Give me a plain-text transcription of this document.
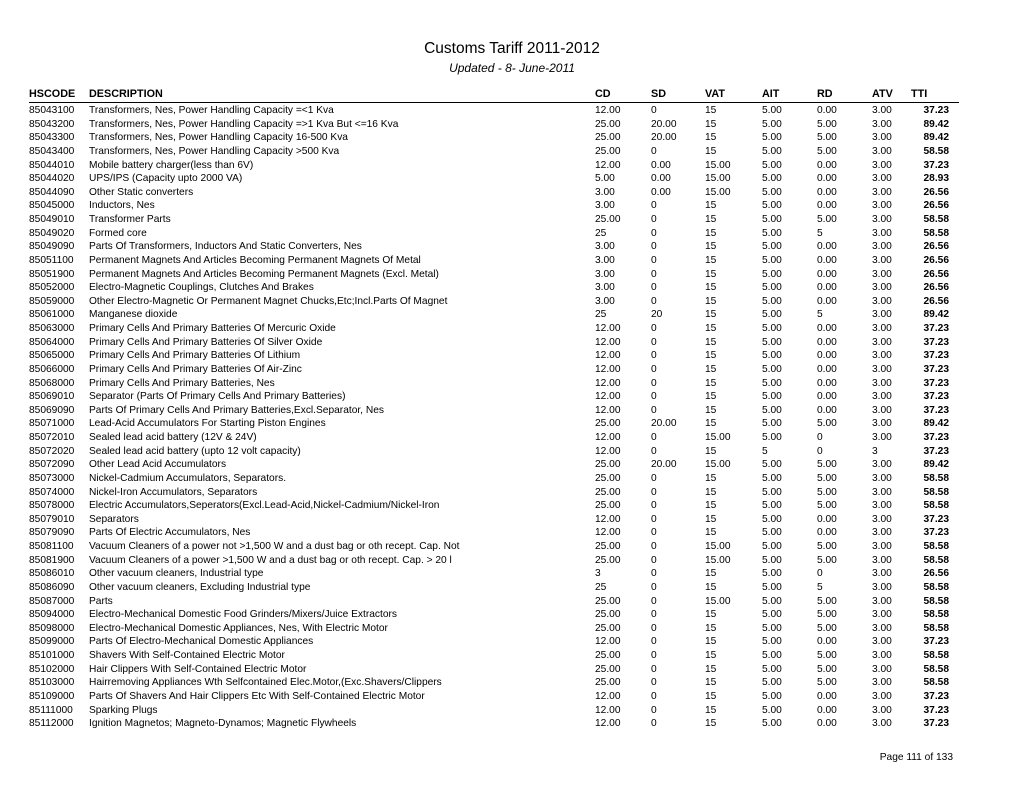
Customs Tariff 2011-2012
Updated - 8- June-2011
HSCODE DESCRIPTION	CD	SD	VAT	AIT	RD	ATV TTI
85043100 Transformers, Nes, Power Handling Capacity =<1 Kva	12.00	0	15	5.00	0.00	3.00	37.23
85043200 Transformers, Nes, Power Handling Capacity =>1 Kva But <=16 Kva	25.00	20.00	15	5.00	5.00	3.00	89.42
85043300 Transformers, Nes, Power Handling Capacity 16-500 Kva	25.00	20.00	15	5.00	5.00	3.00	89.42
85043400 Transformers, Nes, Power Handling Capacity >500 Kva	25.00	0	15	5.00	5.00	3.00	58.58
85044010 Mobile battery charger(less than 6V)	12.00	0.00	15.00	5.00	0.00	3.00	37.23
85044020 UPS/IPS (Capacity upto 2000 VA)	5.00	0.00	15.00	5.00	0.00	3.00	28.93
85044090 Other Static converters	3.00	0.00	15.00	5.00	0.00	3.00	26.56
85045000 Inductors, Nes	3.00	0	15	5.00	0.00	3.00	26.56
85049010 Transformer Parts	25.00	0	15	5.00	5.00	3.00	58.58
85049020 Formed core	25	0	15	5.00	5	3.00	58.58
85049090 Parts Of Transformers, Inductors And Static Converters, Nes	3.00	0	15	5.00	0.00	3.00	26.56
85051100 Permanent Magnets And Articles Becoming Permanent Magnets Of Metal	3.00	0	15	5.00	0.00	3.00	26.56
85051900 Permanent Magnets And Articles Becoming Permanent Magnets (Excl. Metal)	3.00	0	15	5.00	0.00	3.00	26.56
85052000 Electro-Magnetic Couplings, Clutches And Brakes	3.00	0	15	5.00	0.00	3.00	26.56
85059000 Other Electro-Magnetic Or Permanent Magnet Chucks,Etc;Incl.Parts Of Magnet	3.00	0	15	5.00	0.00	3.00	26.56
85061000 Manganese dioxide	25	20	15	5.00	5	3.00	89.42
85063000 Primary Cells And Primary Batteries Of Mercuric Oxide	12.00	0	15	5.00	0.00	3.00	37.23
85064000 Primary Cells And Primary Batteries Of Silver Oxide	12.00	0	15	5.00	0.00	3.00	37.23
85065000 Primary Cells And Primary Batteries Of Lithium	12.00	0	15	5.00	0.00	3.00	37.23
85066000 Primary Cells And Primary Batteries Of Air-Zinc	12.00	0	15	5.00	0.00	3.00	37.23
85068000 Primary Cells And Primary Batteries, Nes	12.00	0	15	5.00	0.00	3.00	37.23
85069010 Separator (Parts Of Primary Cells And Primary Batteries)	12.00	0	15	5.00	0.00	3.00	37.23
85069090 Parts Of Primary Cells And Primary Batteries,Excl.Separator, Nes	12.00	0	15	5.00	0.00	3.00	37.23
85071000 Lead-Acid Accumulators For Starting Piston Engines	25.00	20.00	15	5.00	5.00	3.00	89.42
85072010 Sealed lead acid battery (12V & 24V)	12.00	0	15.00	5.00	0	3.00	37.23
85072020 Sealed lead acid battery (upto 12 volt capacity)	12.00	0	15	5	0	3	37.23
85072090 Other Lead Acid Accumulators	25.00	20.00	15.00	5.00	5.00	3.00	89.42
85073000 Nickel-Cadmium Accumulators, Separators.	25.00	0	15	5.00	5.00	3.00	58.58
85074000 Nickel-Iron Accumulators, Separators	25.00	0	15	5.00	5.00	3.00	58.58
85078000 Electric Accumulators,Seperators(Excl.Lead-Acid,Nickel-Cadmium/Nickel-Iron	25.00	0	15	5.00	5.00	3.00	58.58
85079010 Separators	12.00	0	15	5.00	0.00	3.00	37.23
85079090 Parts Of Electric Accumulators, Nes	12.00	0	15	5.00	0.00	3.00	37.23
85081100 Vacuum Cleaners of a power not >1,500 W and a dust bag or oth recept. Cap. Not	25.00	0	15.00	5.00	5.00	3.00	58.58
85081900 Vacuum Cleaners of a power >1,500 W and a dust bag or oth recept. Cap. > 20 l	25.00	0	15.00	5.00	5.00	3.00	58.58
85086010 Other vacuum cleaners, Industrial type	3	0	15	5.00	0	3.00	26.56
85086090 Other vacuum cleaners, Excluding Industrial type	25	0	15	5.00	5	3.00	58.58
85087000 Parts	25.00	0	15.00	5.00	5.00	3.00	58.58
85094000 Electro-Mechanical Domestic Food Grinders/Mixers/Juice Extractors	25.00	0	15	5.00	5.00	3.00	58.58
85098000 Electro-Mechanical Domestic Appliances, Nes, With Electric Motor	25.00	0	15	5.00	5.00	3.00	58.58
85099000 Parts Of Electro-Mechanical Domestic Appliances	12.00	0	15	5.00	0.00	3.00	37.23
85101000 Shavers With Self-Contained Electric Motor	25.00	0	15	5.00	5.00	3.00	58.58
85102000 Hair Clippers With Self-Contained Electric Motor	25.00	0	15	5.00	5.00	3.00	58.58
85103000 Hairremoving Appliances Wth Selfcontained Elec.Motor,(Exc.Shavers/Clippers	25.00	0	15	5.00	5.00	3.00	58.58
85109000 Parts Of Shavers And Hair Clippers Etc With Self-Contained Electric Motor	12.00	0	15	5.00	0.00	3.00	37.23
85111000 Sparking Plugs	12.00	0	15	5.00	0.00	3.00	37.23
85112000 Ignition Magnetos; Magneto-Dynamos; Magnetic Flywheels	12.00	0	15	5.00	0.00	3.00	37.23
Page 111 of 133
